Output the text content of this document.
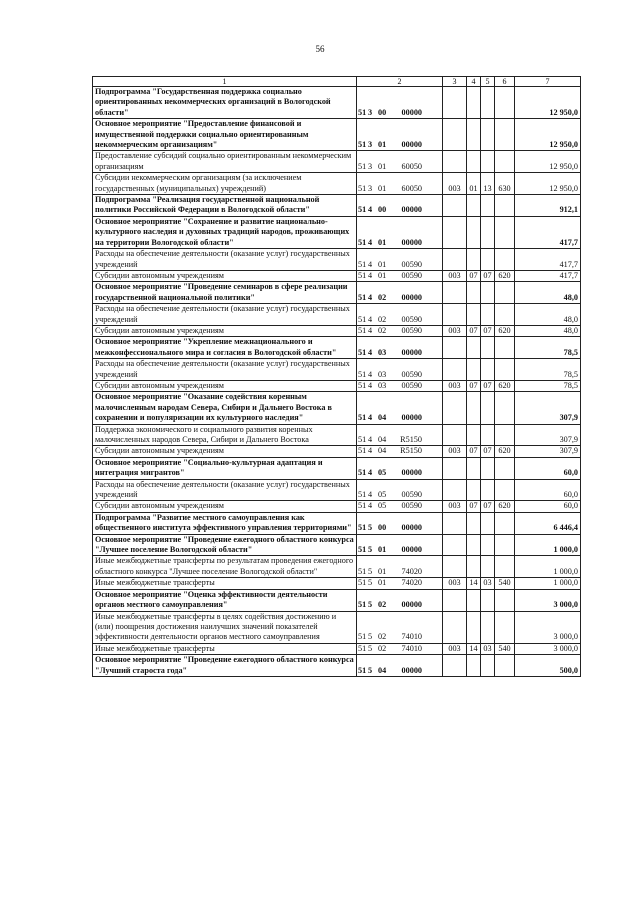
56
1	2	3	4	5	6	7
Подпрограмма "Государственная поддержка социально ориентированных некоммерческих организаций в Вологодской области"	51 3 00 00000					12 950,0
Основное мероприятие "Предоставление финансовой и имущественной поддержки социально ориентированным некоммерческим организациям"	51 3 01 00000					12 950,0
Предоставление субсидий социально ориентированным некоммерческим организациям	51 3 01 60050					12 950,0
Субсидии некоммерческим организациям (за исключением государственных (муниципальных) учреждений)	51 3 01 60050	003	01	13	630	12 950,0
Подпрограмма "Реализация государственной национальной политики Российской Федерации в Вологодской области"	51 4 00 00000					912,1
Основное мероприятие "Сохранение и развитие национально-культурного наследия и духовных традиций народов, проживающих на территории Вологодской области"	51 4 01 00000					417,7
Расходы на обеспечение деятельности (оказание услуг) государственных учреждений	51 4 01 00590					417,7
Субсидии автономным учреждениям	51 4 01 00590	003	07	07	620	417,7
Основное мероприятие "Проведение семинаров в сфере реализации государственной национальной политики"	51 4 02 00000					48,0
Расходы на обеспечение деятельности (оказание услуг) государственных учреждений	51 4 02 00590					48,0
Субсидии автономным учреждениям	51 4 02 00590	003	07	07	620	48,0
Основное мероприятие "Укрепление межнационального и межконфессионального мира и согласия в Вологодской области"	51 4 03 00000					78,5
Расходы на обеспечение деятельности (оказание услуг) государственных учреждений	51 4 03 00590					78,5
Субсидии автономным учреждениям	51 4 03 00590	003	07	07	620	78,5
Основное мероприятие "Оказание содействия коренным малочисленным народам Севера, Сибири и Дальнего Востока в сохранении и популяризации их культурного наследия"	51 4 04 00000					307,9
Поддержка экономического и социального развития коренных малочисленных народов Севера, Сибири и Дальнего Востока	51 4 04 R5150					307,9
Субсидии автономным учреждениям	51 4 04 R5150	003	07	07	620	307,9
Основное мероприятие "Социально-культурная адаптация и интеграция мигрантов"	51 4 05 00000					60,0
Расходы на обеспечение деятельности (оказание услуг) государственных учреждений	51 4 05 00590					60,0
Субсидии автономным учреждениям	51 4 05 00590	003	07	07	620	60,0
Подпрограмма "Развитие местного самоуправления как общественного института эффективного управления территориями"	51 5 00 00000					6 446,4
Основное мероприятие "Проведение ежегодного областного конкурса "Лучшее поселение Вологодской области"	51 5 01 00000					1 000,0
Иные межбюджетные трансферты по результатам проведения ежегодного областного конкурса "Лучшее поселение Вологодской области"	51 5 01 74020					1 000,0
Иные межбюджетные трансферты	51 5 01 74020	003	14	03	540	1 000,0
Основное мероприятие "Оценка эффективности деятельности органов местного самоуправления"	51 5 02 00000					3 000,0
Иные межбюджетные трансферты в целях содействия достижению и (или) поощрения достижения наилучших значений показателей эффективности деятельности органов местного самоуправления	51 5 02 74010					3 000,0
Иные межбюджетные трансферты	51 5 02 74010	003	14	03	540	3 000,0
Основное мероприятие "Проведение ежегодного областного конкурса "Лучший староста года"	51 5 04 00000					500,0
